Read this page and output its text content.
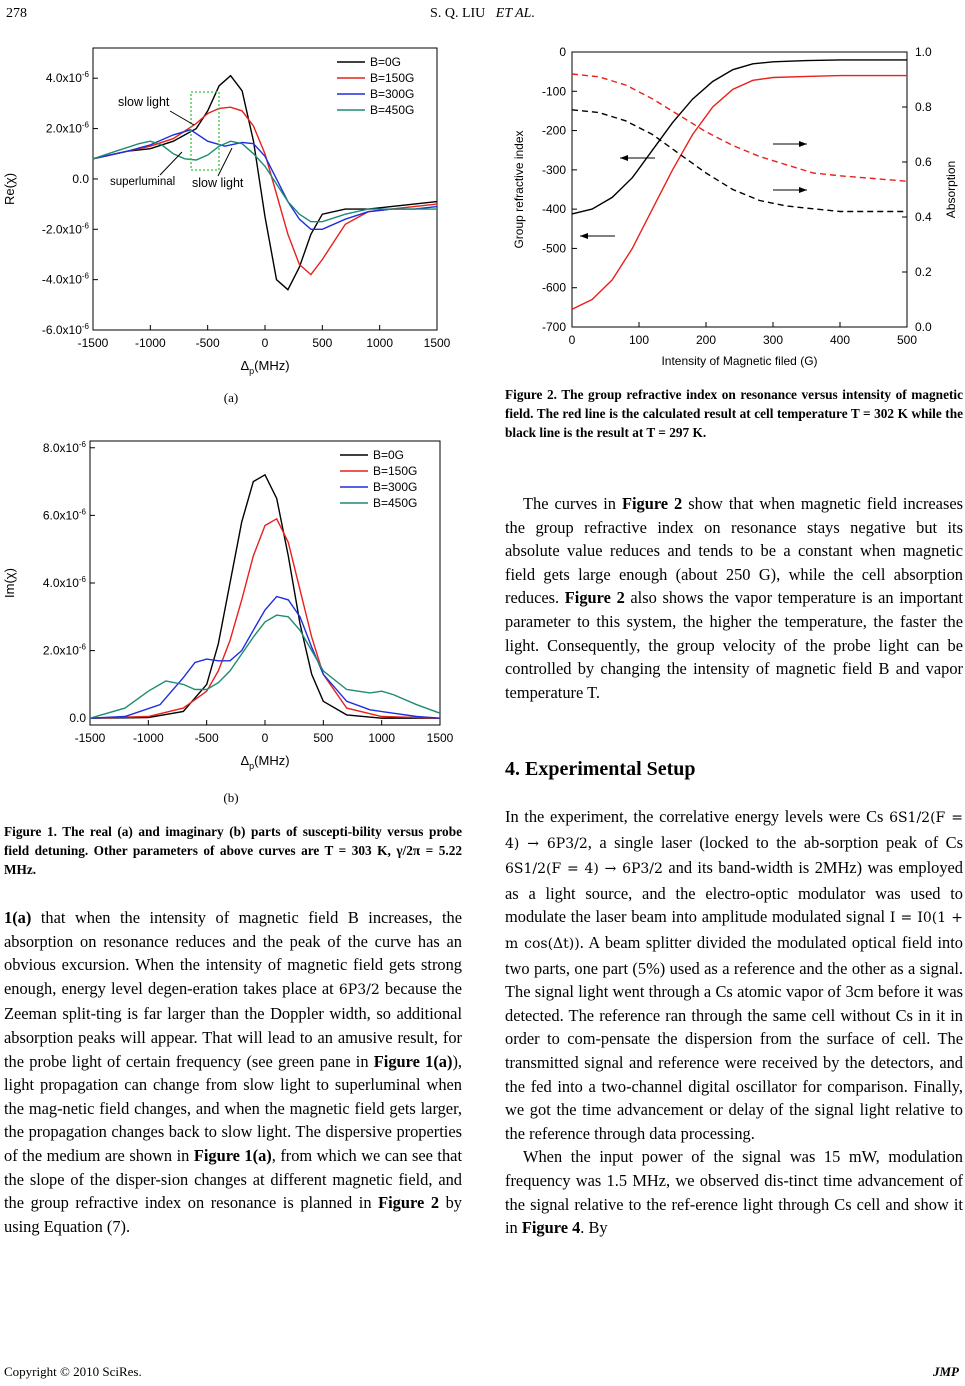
278	S. Q. LIU ET AL.
-1500 -1000 -500	0	500	1000	1500
$-6.0x10^{-6}$
$-4.0x10^{-6}$
$-2.0x10^{-6}$
0.0
$2.0x10^{-6}$
$4.0x10^{-6}$
B=0G
B=150G
B=300G
B=450G
$\Delta_p(MHz)$
Re(χ)
slow light
superluminal slow light
(a)
-1500 -1000	-500	0	500	1000	1500
0.0
$2.0x10^{-6}$
$4.0x10^{-6}$
$6.0x10^{-6}$
$8.0x10^{-6}$
B=0G
B=150G
B=300G
B=450G
$\Delta_p(MHz)$
Im(χ)
(b)
Figure 1. The real (a) and imaginary (b) parts of suscepti-bility versus probe field detuning. Other parameters of above curves are T = 303 K, γ/2π = 5.22 MHz.

1(a) that when the intensity of magnetic field B increases, the absorption on resonance reduces and the peak of the curve has an obvious excursion. When the intensity of magnetic field gets strong enough, energy level degen-eration takes place at 6P3/2 because the Zeeman split-ting is far larger than the Doppler width, so additional absorption peaks will appear. That will lead to an amusive result, for the probe light of certain frequency (see green pane in Figure 1(a)), light propagation can change from slow light to superluminal when the mag-netic field changes, and when the magnetic field gets larger, the propagation changes back to slow light. The dispersive properties of the medium are shown in Figure 1(a), from which we can see that the slope of the disper-sion changes at different magnetic field, and the group refractive index on resonance is planned in Figure 2 by using Equation (7).

0	100	200	300	400	500
-700
-600
-500
-400
-300
-200
-100
0
0.0
0.2
0.4
0.6
0.8
1.0
Intensity of Magnetic filed (G)
Group refractive index	Absorption
Figure 2. The group refractive index on resonance versus intensity of magnetic field. The red line is the calculated result at cell temperature T = 302 K while the black line is the result at T = 297 K.

The curves in Figure 2 show that when magnetic field increases the group refractive index on resonance stays negative but its absolute value reduces and tends to be a constant when magnetic field gets large enough (about 250 G), while the cell absorption reduces. Figure 2 also shows the vapor temperature is an important parameter to this system, the higher the temperature, the faster the light. Consequently, the group velocity of the probe light can be controlled by changing the intensity of magnetic field B and vapor temperature T.

4. Experimental Setup

In the experiment, the correlative energy levels were Cs 6S1/2(F = 4) → 6P3/2, a single laser (locked to the ab-sorption peak of Cs 6S1/2(F = 4) → 6P3/2 and its band-width is 2MHz) was employed as a light source, and the electro-optic modulator was used to modulate the laser beam into amplitude modulated signal I = I0(1 + m cos(Δt)). A beam splitter divided the modulated optical field into two parts, one part (5%) used as a reference and the other as a signal. The signal light went through a Cs atomic vapor of 3cm before it was detected. The reference ran through the same cell without Cs in it in order to com-pensate the dispersion from the surface of cell. The transmitted signal and reference were received by the detectors, and the fed into a two-channel digital oscillator for comparison. Finally, we got the time advancement or delay of the signal light relative to the reference through data processing.

When the input power of the signal was 15 mW, modulation frequency was 1.5 MHz, we observed dis-tinct time advancement of the signal relative to the ref-erence light through Cs cell and show it in Figure 4. By

Copyright © 2010 SciRes.	JMP
